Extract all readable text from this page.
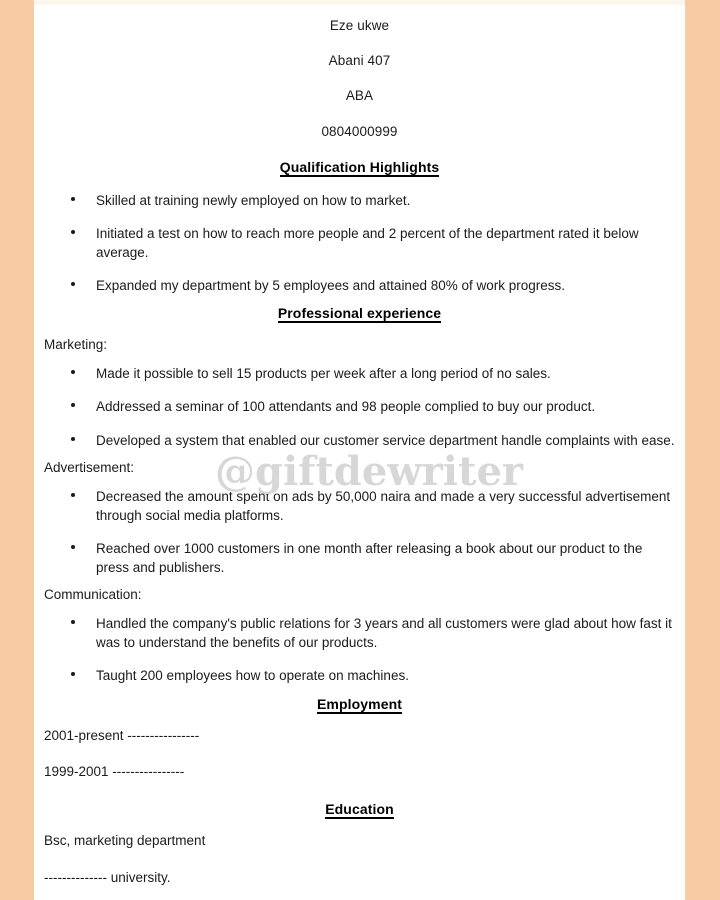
@giftdewriter

Eze ukwe

Abani 407

ABA

0804000999

Qualification Highlights
Skilled at training newly employed on how to market.
Initiated a test on how to reach more people and 2 percent of the department rated it below average.
Expanded my department by 5 employees and attained 80% of work progress.
Professional experience

Marketing:

Made it possible to sell 15 products per week after a long period of no sales.
Addressed a seminar of 100 attendants and 98 people complied to buy our product.
Developed a system that enabled our customer service department handle complaints with ease.

Advertisement:

Decreased the amount spent on ads by 50,000 naira and made a very successful advertisement through social media platforms.
Reached over 1000 customers in one month after releasing a book about our product to the press and publishers.

Communication:

Handled the company's public relations for 3 years and all customers were glad about how fast it was to understand the benefits of our products.
Taught 200 employees how to operate on machines.
Employment

2001-present ----------------

1999-2001 ----------------

Education

Bsc, marketing department

-------------- university.
